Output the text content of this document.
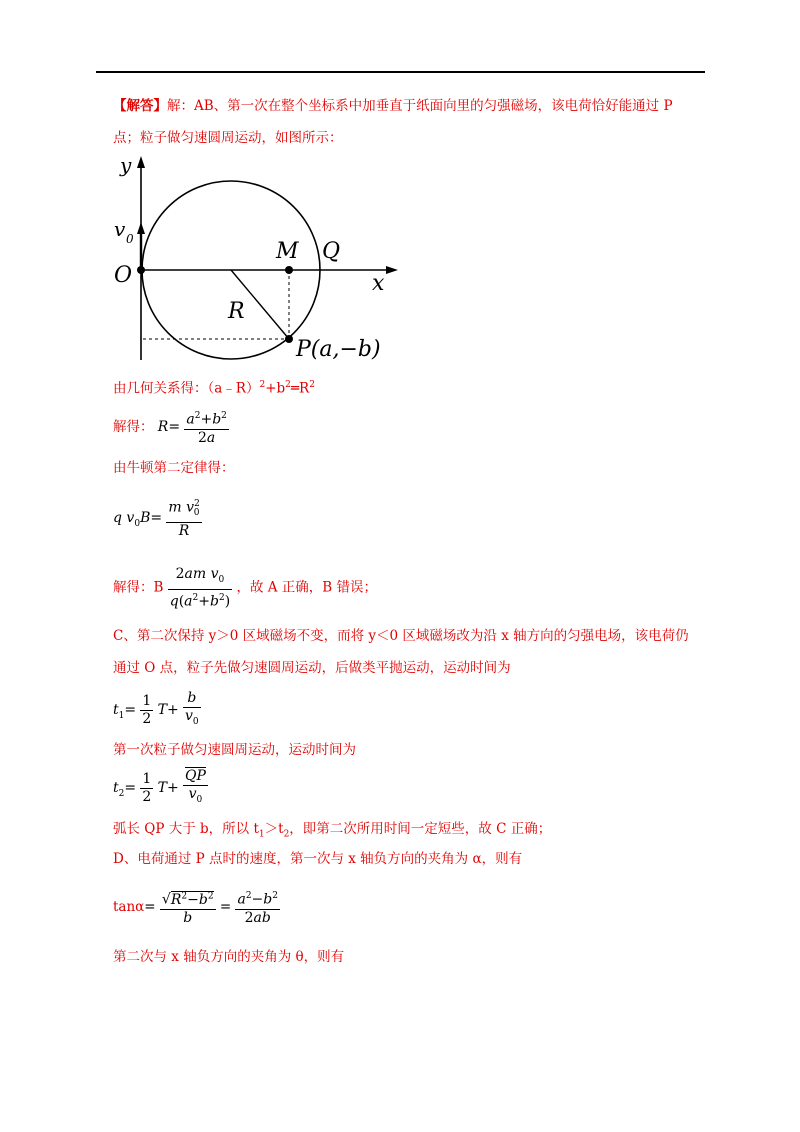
【解答】解：AB、第一次在整个坐标系中加垂直于纸面向里的匀强磁场，该电荷恰好能通过 P
点；粒子做匀速圆周运动，如图所示：
y
v 0
O
M Q
x
R
P(a,−b)
由几何关系得：$(a﹣R)^2+b^2═R^2$
解得： $R= \frac{a^2+b^2}{2a}$
由牛顿第二定律得：
q $v_0B= \frac{m v^2_0}{R}$
解得：B $\frac{2am v_0}{q(a^2+b^2)}$ ，故 A 正确，B 错误；
C、第二次保持 y＞0 区域磁场不变，而将 y＜0 区域磁场改为沿 x 轴方向的匀强电场，该电荷仍
通过 O 点，粒子先做匀速圆周运动，后做类平抛运动，运动时间为
$t_1= \frac{1}{2} T+ \frac{b}{v_0}$
第一次粒子做匀速圆周运动，运动时间为
$t_2= \frac{1}{2} T+ \frac{QP}{v_0}$
弧长 QP 大于 b，所以 $t_1>t_2$，即第二次所用时间一定短些，故 C 正确；
D、电荷通过 P 点时的速度，第一次与 x 轴负方向的夹角为 α，则有
$\tan\alpha= \frac{√R^2-b^2}{b} = \frac{a^2-b^2}{2ab}$
第二次与 x 轴负方向的夹角为 θ，则有
